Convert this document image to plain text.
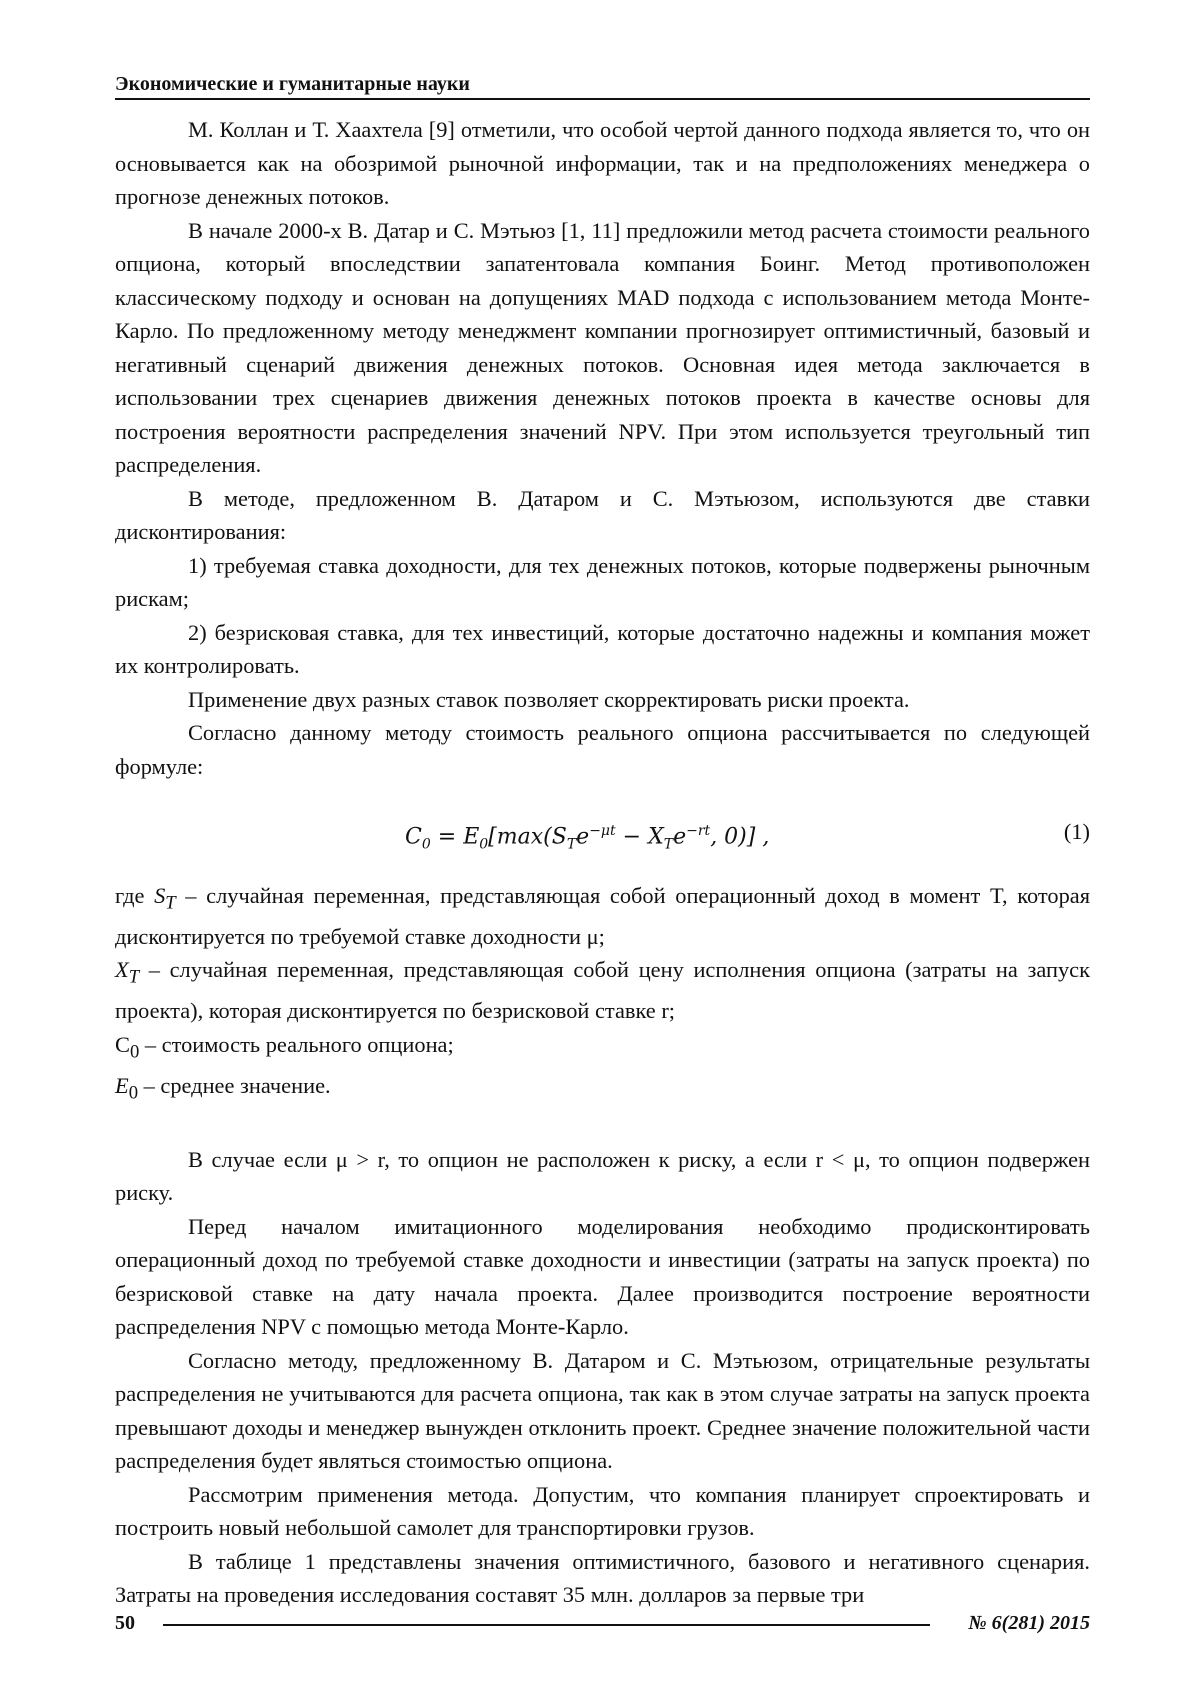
Экономические и гуманитарные науки

М. Коллан и Т. Хаахтела [9] отметили, что особой чертой данного подхода является то, что он основывается как на обозримой рыночной информации, так и на предположениях менеджера о прогнозе денежных потоков.

В начале 2000-х В. Датар и С. Мэтьюз [1, 11] предложили метод расчета стоимости реального опциона, который впоследствии запатентовала компания Боинг. Метод противоположен классическому подходу и основан на допущениях MAD подхода с использованием метода Монте-Карло. По предложенному методу менеджмент компании прогнозирует оптимистичный, базовый и негативный сценарий движения денежных потоков. Основная идея метода заключается в использовании трех сценариев движения денежных потоков проекта в качестве основы для построения вероятности распределения значений NPV. При этом используется треугольный тип распределения.

В методе, предложенном В. Датаром и С. Мэтьюзом, используются две ставки дисконтирования:

1) требуемая ставка доходности, для тех денежных потоков, которые подвержены рыночным рискам;

2) безрисковая ставка, для тех инвестиций, которые достаточно надежны и компания может их контролировать.

Применение двух разных ставок позволяет скорректировать риски проекта.

Согласно данному методу стоимость реального опциона рассчитывается по следующей формуле:

C0 = E0[max(STe−μt − XTe−rt, 0)] ,	(1)

где ST – случайная переменная, представляющая собой операционный доход в момент T, которая дисконтируется по требуемой ставке доходности μ;

XT – случайная переменная, представляющая собой цену исполнения опциона (затраты на запуск проекта), которая дисконтируется по безрисковой ставке r;

C0 – стоимость реального опциона;

E0 – среднее значение.

В случае если μ > r, то опцион не расположен к риску, а если r < μ, то опцион подвержен риску.

Перед началом имитационного моделирования необходимо продисконтировать операционный доход по требуемой ставке доходности и инвестиции (затраты на запуск проекта) по безрисковой ставке на дату начала проекта. Далее производится построение вероятности распределения NPV с помощью метода Монте-Карло.

Согласно методу, предложенному В. Датаром и С. Мэтьюзом, отрицательные результаты распределения не учитываются для расчета опциона, так как в этом случае затраты на запуск проекта превышают доходы и менеджер вынужден отклонить проект. Среднее значение положительной части распределения будет являться стоимостью опциона.

Рассмотрим применения метода. Допустим, что компания планирует спроектировать и построить новый небольшой самолет для транспортировки грузов.

В таблице 1 представлены значения оптимистичного, базового и негативного сценария. Затраты на проведения исследования составят 35 млн. долларов за первые три

50	№ 6(281) 2015
